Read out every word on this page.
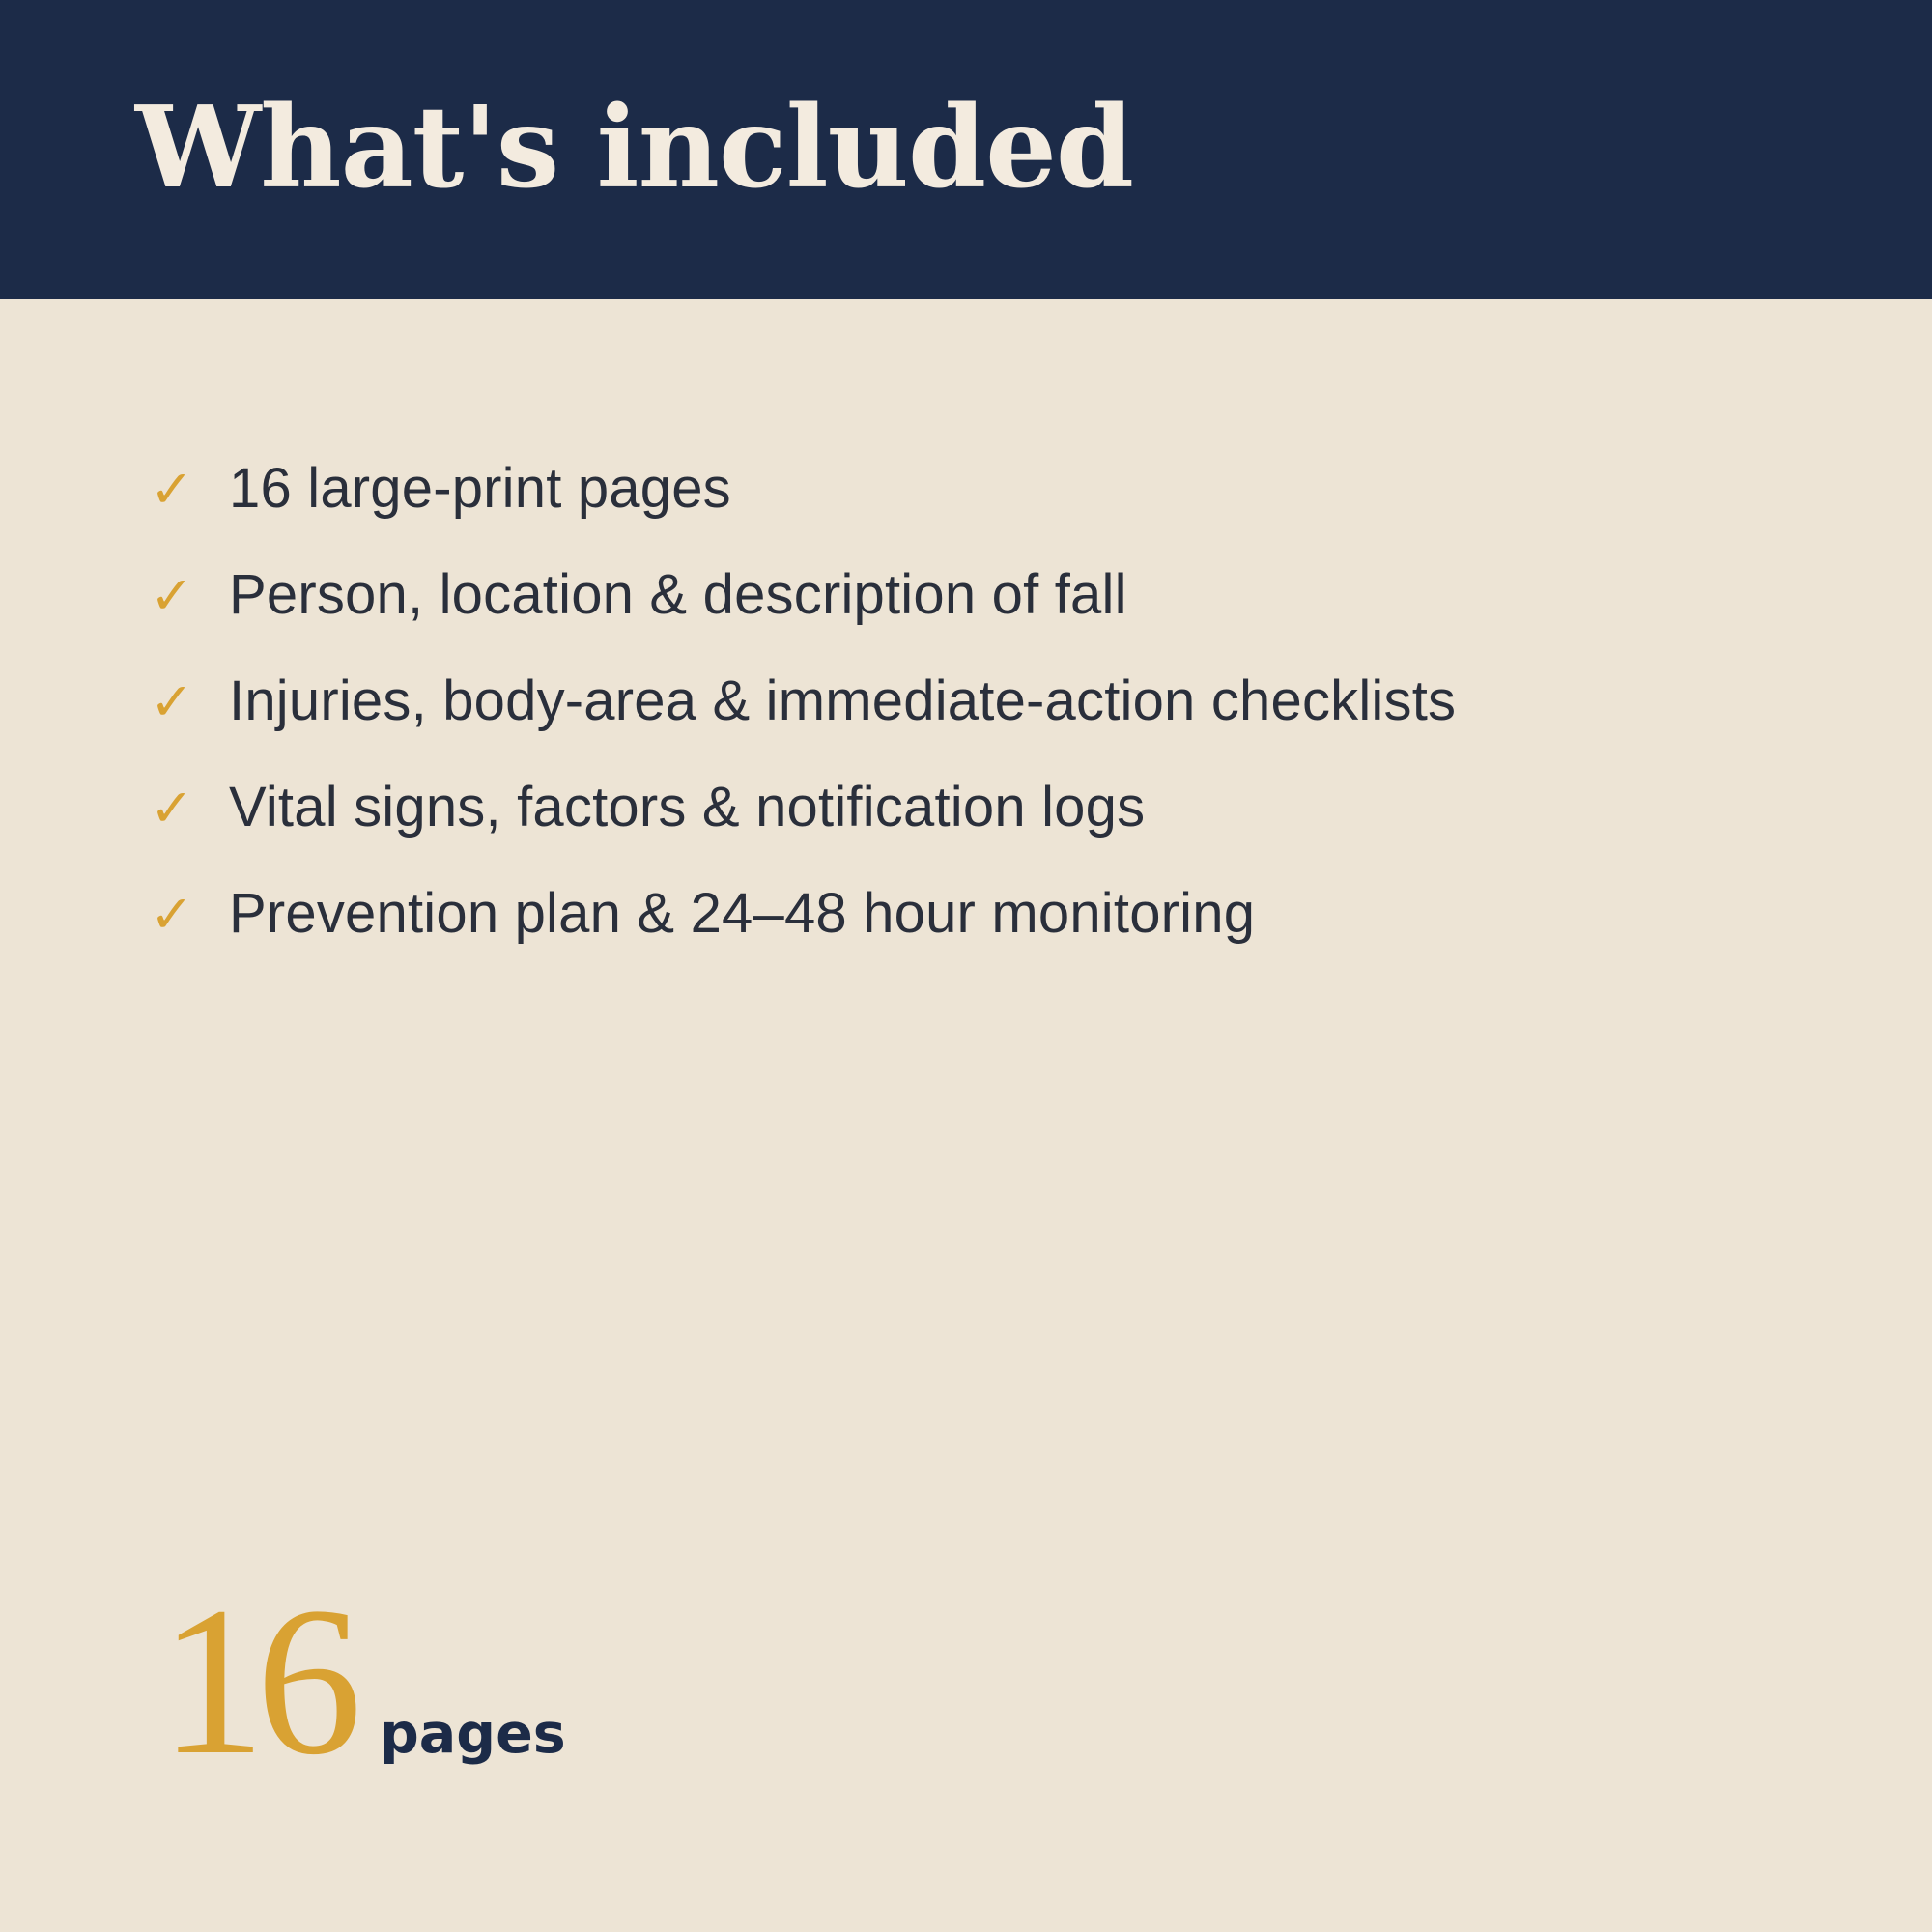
What's included
✓ 16 large-print pages
✓ Person, location & description of fall
✓ Injuries, body-area & immediate-action checklists
✓ Vital signs, factors & notification logs
✓ Prevention plan & 24–48 hour monitoring
16 pages
